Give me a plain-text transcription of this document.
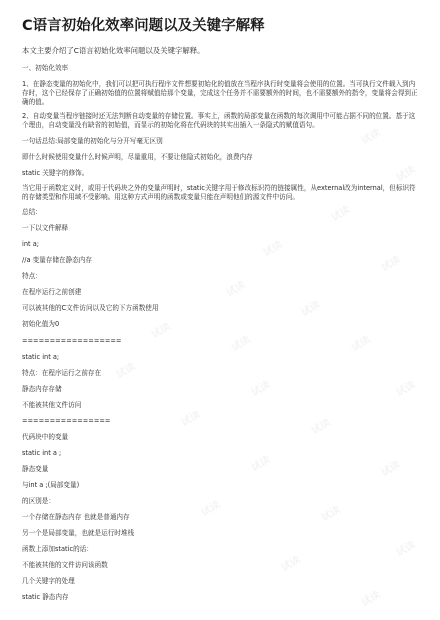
试读
试读
试读
试读
试读
试读
试读
试读
试读	试读
试读
试读	试读
试读	试读
试读	试读
试读	试读
试读
试读
试读
C语言初始化效率问题以及关键字解释
本文主要介绍了C语言初始化效率问题以及关键字解释。
一、初始化效率
1、在静态变量的初始化中，我们可以把可执行程序文件想要初始化的值放在当程序执行时变量将会使用的位置。当可执行文件载入到内存时，这个已经保存了正确初始值的位置将赋值给那个变量，完成这个任务并不需要额外的时间，也不需要额外的指令，变量将会得到正确的值。
2、自动变量当程序链接时还无法判断自动变量的存储位置。事实上，函数的局部变量在函数的每次调用中可能占据不同的位置。基于这个理由，自动变量没有缺省的初始值，而显示的初始化将在代码块的其实出插入一条隐式的赋值语句。
一句话总结:局部变量的初始化与分开写毫无区别
即什么时候使用变量什么时候声明，尽量重用，不要让他隐式初始化，浪费内存
static 关键字的修饰。
当它用于函数定义时，或用于代码块之外的变量声明时，static关键字用于修改标识符的链接属性，从external改为internal，但标识符的存储类型和作用域不受影响。用这种方式声明的函数或变量只能在声明他们的源文件中访问。
总结：
一下以文件解释
int a;
//a 变量存储在静态内存
特点：
在程序运行之前创建
可以被其他的C文件访问以及它的下方函数使用
初始化值为0
==================
static int a;
特点：在程序运行之前存在
静态内存存储
不能被其他文件访问
================
代码块中的变量
static int a ;
静态变量
与int a ;(局部变量)
的区别是：
一个存储在静态内存 也就是普通内存
另一个是局部变量，也就是运行时堆栈
函数上添加static的话：
不能被其他的文件访问该函数
几个关键字的处理
static 静态内存
